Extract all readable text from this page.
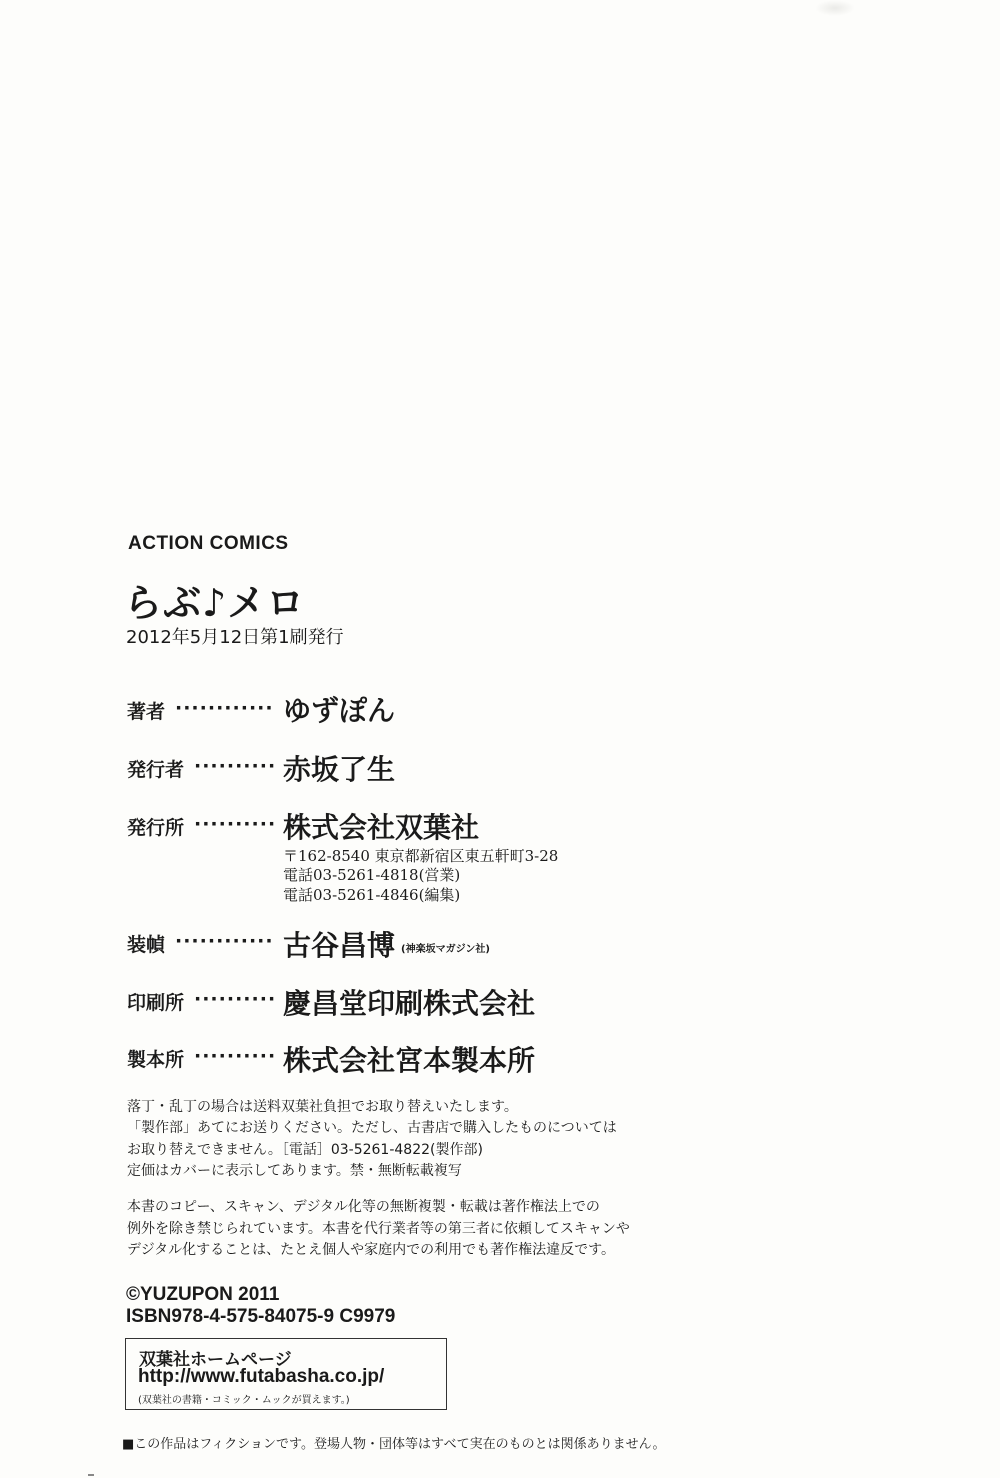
ACTION COMICS
らぶ♪メロ
2012年5月12日第1刷発行
著者 ············ ゆずぽん
発行者 ·········· 赤坂了生
発行所 ·········· 株式会社双葉社
〒162-8540 東京都新宿区東五軒町3-28
電話03-5261-4818(営業)
電話03-5261-4846(編集)
装幀 ············ 古谷昌博 (神楽坂マガジン社)
印刷所 ·········· 慶昌堂印刷株式会社
製本所 ·········· 株式会社宮本製本所
落丁・乱丁の場合は送料双葉社負担でお取り替えいたします。
「製作部」あてにお送りください。ただし、古書店で購入したものについては
お取り替えできません。［電話］03-5261-4822(製作部)
定価はカバーに表示してあります。禁・無断転載複写
本書のコピー、スキャン、デジタル化等の無断複製・転載は著作権法上での
例外を除き禁じられています。本書を代行業者等の第三者に依頼してスキャンや
デジタル化することは、たとえ個人や家庭内での利用でも著作権法違反です。
©YUZUPON 2011
ISBN978-4-575-84075-9 C9979
双葉社ホームページ
http://www.futabasha.co.jp/
(双葉社の書籍・コミック・ムックが買えます。)
■この作品はフィクションです。登場人物・団体等はすべて実在のものとは関係ありません。
